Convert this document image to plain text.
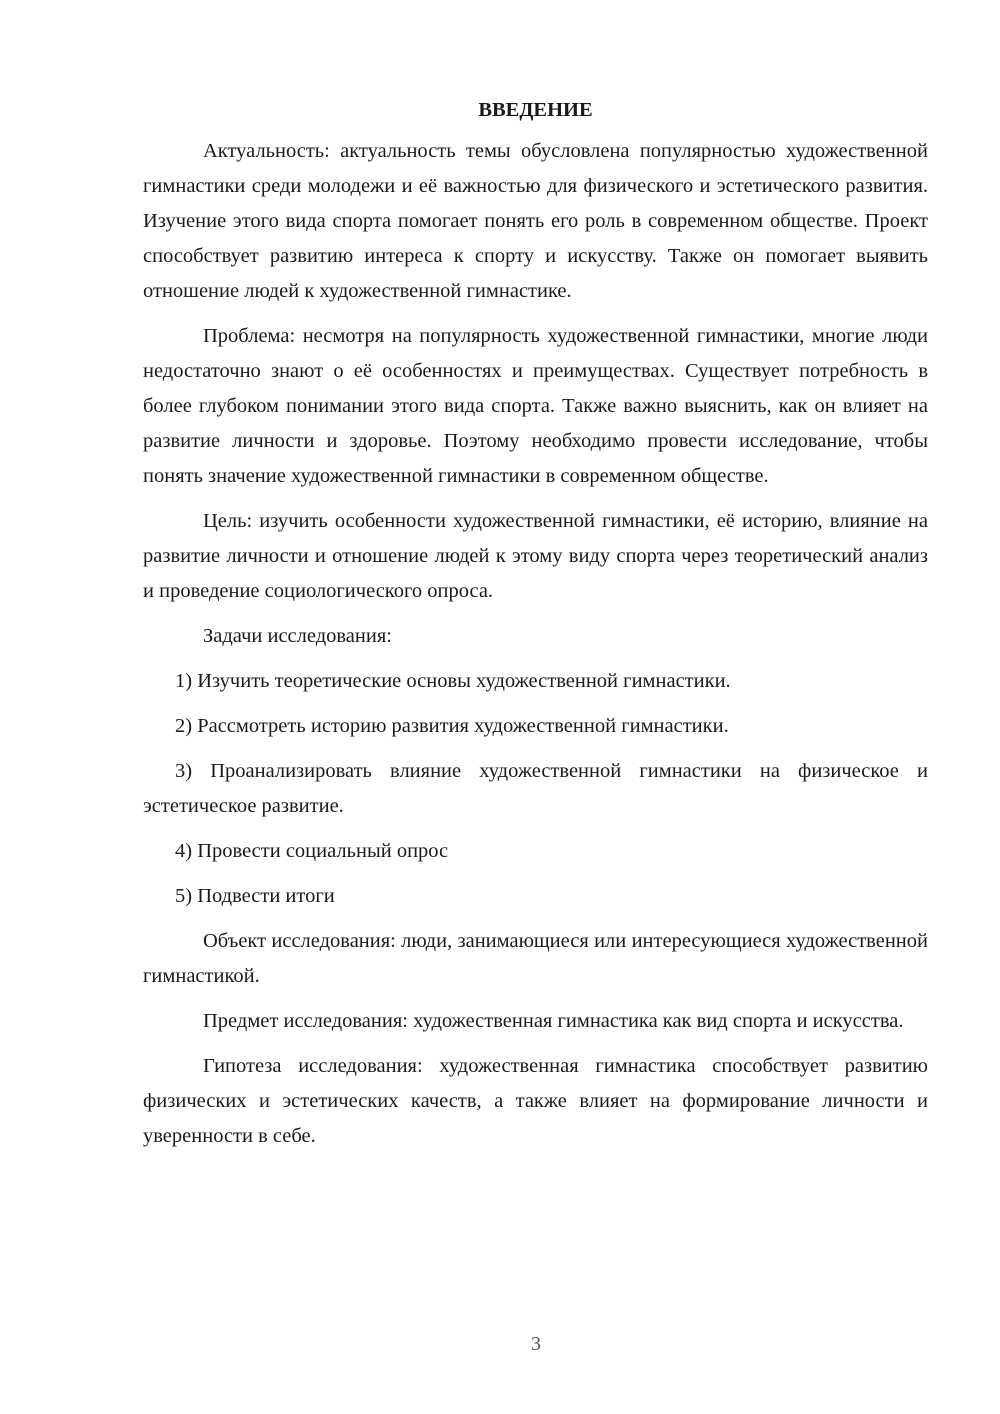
ВВЕДЕНИЕ

Актуальность: актуальность темы обусловлена популярностью художественной гимнастики среди молодежи и её важностью для физического и эстетического развития. Изучение этого вида спорта помогает понять его роль в современном обществе. Проект способствует развитию интереса к спорту и искусству. Также он помогает выявить отношение людей к художественной гимнастике.

Проблема: несмотря на популярность художественной гимнастики, многие люди недостаточно знают о её особенностях и преимуществах. Существует потребность в более глубоком понимании этого вида спорта. Также важно выяснить, как он влияет на развитие личности и здоровье. Поэтому необходимо провести исследование, чтобы понять значение художественной гимнастики в современном обществе.

Цель: изучить особенности художественной гимнастики, её историю, влияние на развитие личности и отношение людей к этому виду спорта через теоретический анализ и проведение социологического опроса.

Задачи исследования:

1) Изучить теоретические основы художественной гимнастики.

2) Рассмотреть историю развития художественной гимнастики.

3) Проанализировать влияние художественной гимнастики на физическое и эстетическое развитие.

4) Провести социальный опрос

5) Подвести итоги

Объект исследования: люди, занимающиеся или интересующиеся художественной гимнастикой.

Предмет исследования: художественная гимнастика как вид спорта и искусства.

Гипотеза исследования: художественная гимнастика способствует развитию физических и эстетических качеств, а также влияет на формирование личности и уверенности в себе.

3
